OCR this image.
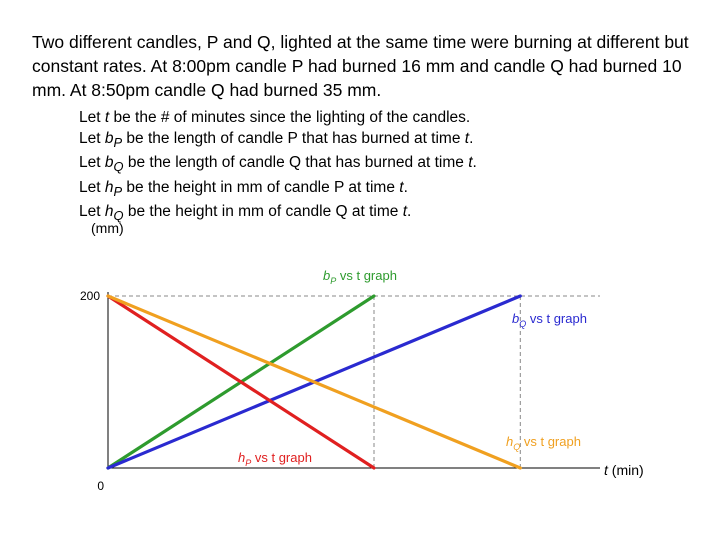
Two different candles, P and Q, lighted at the same time were burning at different but constant rates. At 8:00pm candle P had burned 16 mm and candle Q had burned 10 mm. At 8:50pm candle Q had burned 35 mm.

Let t be the # of minutes since the lighting of the candles.
Let $b_P$ be the length of candle P that has burned at time t.
Let $b_Q$ be the length of candle Q that has burned at time t.
Let $h_P$ be the height in mm of candle P at time t.
Let $h_Q$ be the height in mm of candle Q at time t.
(mm)
200
0
$b_P$ vs t graph
$b_Q$ vs t graph
$h_P$ vs t graph
$h_Q$ vs t graph
t (min)
